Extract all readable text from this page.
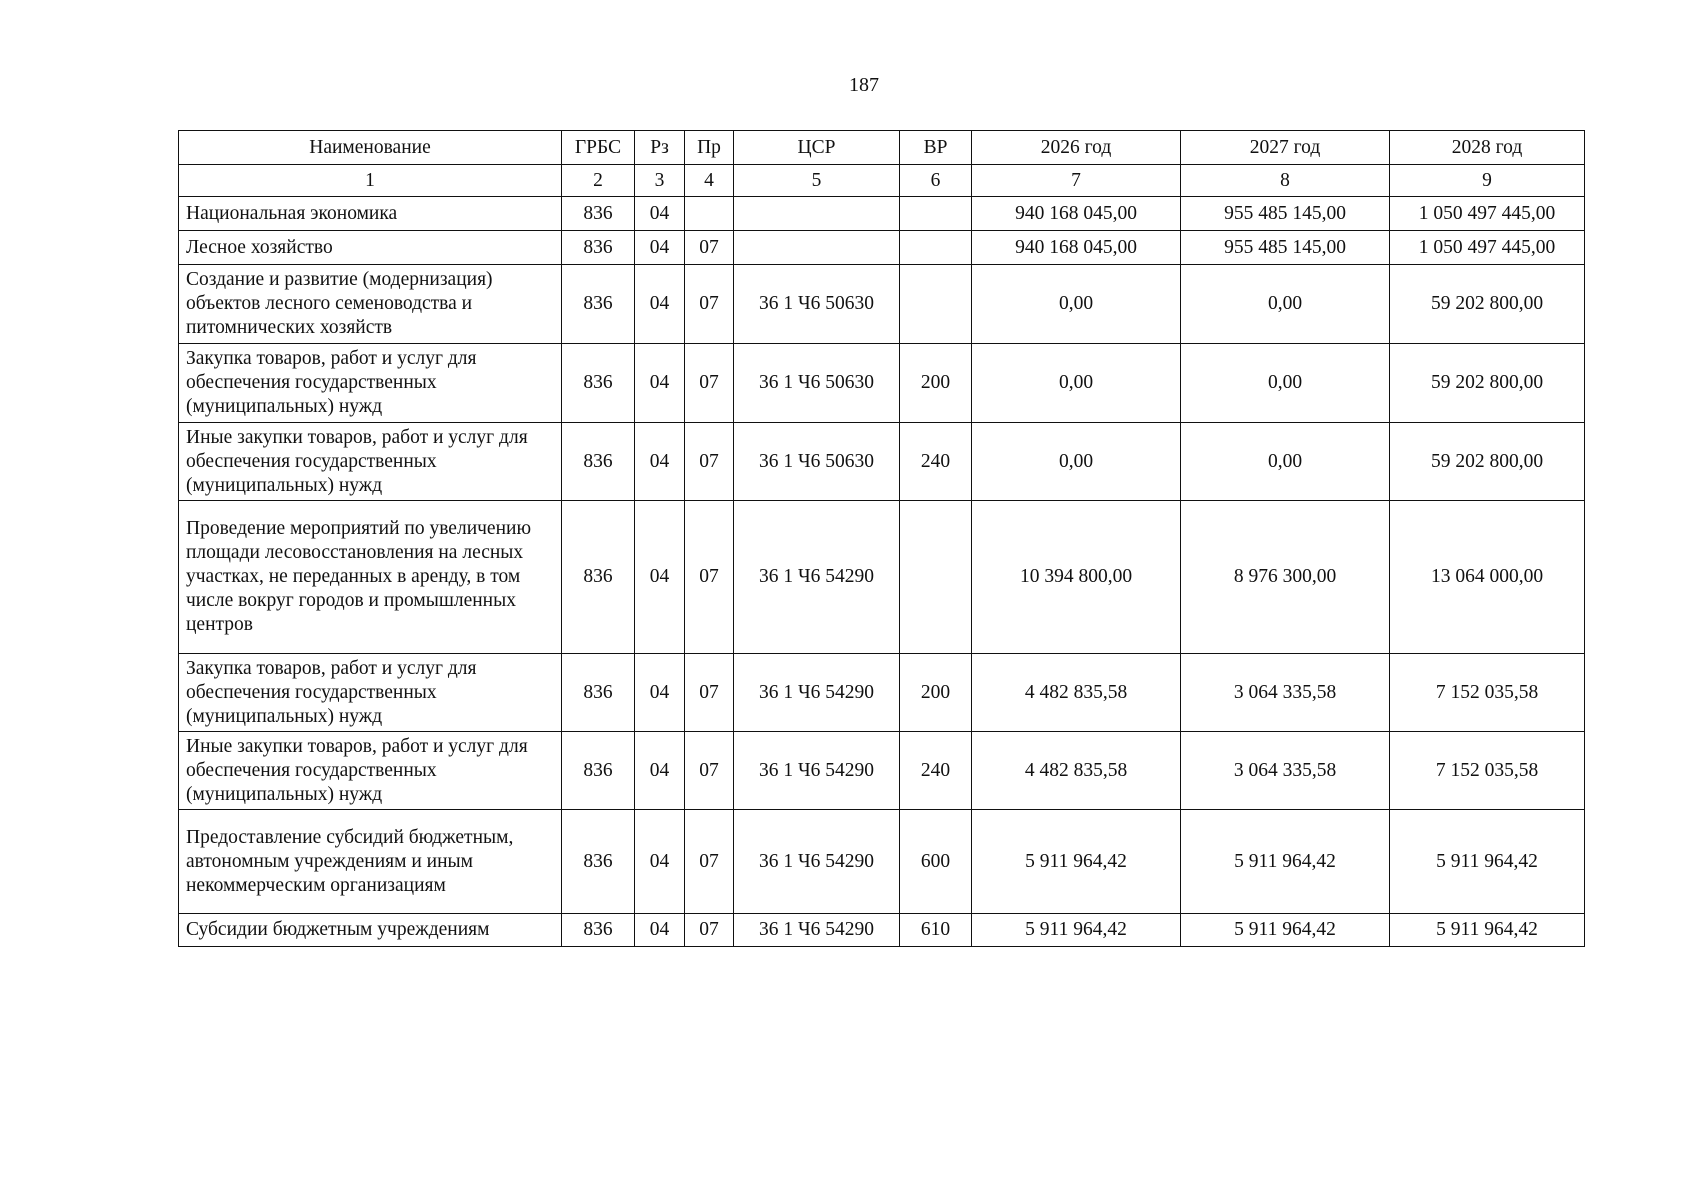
187
Наименование	ГРБС	Рз	Пр	ЦСР	ВР	2026 год	2027 год	2028 год
1	2	3	4	5	6	7	8	9
Национальная экономика	836	04				940 168 045,00	955 485 145,00	1 050 497 445,00
Лесное хозяйство	836	04	07			940 168 045,00	955 485 145,00	1 050 497 445,00
Создание и развитие (модернизация) объектов лесного семеноводства и питомнических хозяйств	836	04	07	36 1 Ч6 50630		0,00	0,00	59 202 800,00
Закупка товаров, работ и услуг для обеспечения государственных (муниципальных) нужд	836	04	07	36 1 Ч6 50630	200	0,00	0,00	59 202 800,00
Иные закупки товаров, работ и услуг для обеспечения государственных (муниципальных) нужд	836	04	07	36 1 Ч6 50630	240	0,00	0,00	59 202 800,00
Проведение мероприятий по увеличению площади лесовосстановления на лесных участках, не переданных в аренду, в том числе вокруг городов и промышленных центров	836	04	07	36 1 Ч6 54290		10 394 800,00	8 976 300,00	13 064 000,00
Закупка товаров, работ и услуг для обеспечения государственных (муниципальных) нужд	836	04	07	36 1 Ч6 54290	200	4 482 835,58	3 064 335,58	7 152 035,58
Иные закупки товаров, работ и услуг для обеспечения государственных (муниципальных) нужд	836	04	07	36 1 Ч6 54290	240	4 482 835,58	3 064 335,58	7 152 035,58
Предоставление субсидий бюджетным, автономным учреждениям и иным некоммерческим организациям	836	04	07	36 1 Ч6 54290	600	5 911 964,42	5 911 964,42	5 911 964,42
Субсидии бюджетным учреждениям	836	04	07	36 1 Ч6 54290	610	5 911 964,42	5 911 964,42	5 911 964,42
